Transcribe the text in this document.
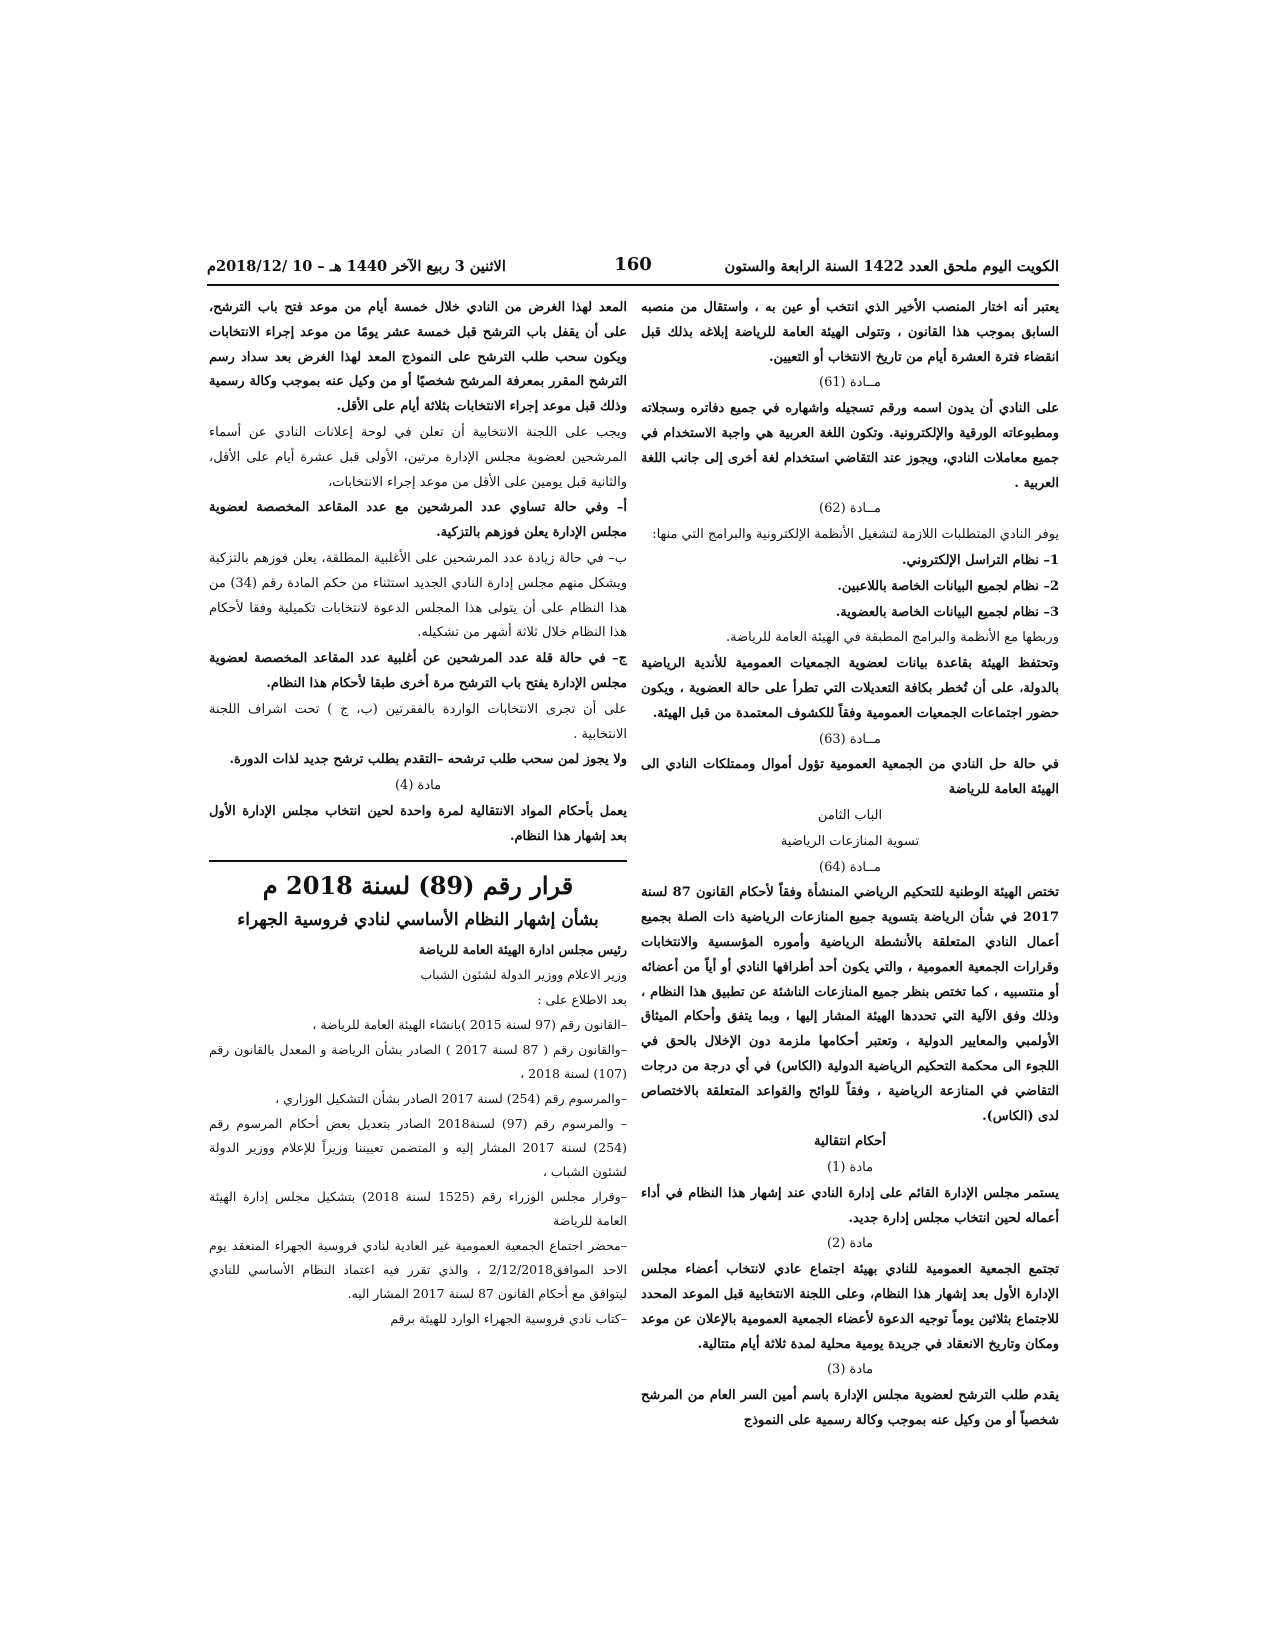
الكويت اليوم ملحق العدد 1422 السنة الرابعة والستون
160
الاثنين 3 ربيع الآخر 1440 هـ – 10 /2018/12م

يعتبر أنه اختار المنصب الأخير الذي انتخب أو عين به ، واستقال من منصبه السابق بموجب هذا القانون ، وتتولى الهيئة العامة للرياضة إبلاغه بذلك قبل انقضاء فترة العشرة أيام من تاريخ الانتخاب أو التعيين.

مــادة (61)

على النادي أن يدون اسمه ورقم تسجيله واشهاره في جميع دفاتره وسجلاته ومطبوعاته الورقية والإلكترونية. وتكون اللغة العربية هي واجبة الاستخدام في جميع معاملات النادي، ويجوز عند التقاضي استخدام لغة أخرى إلى جانب اللغة العربية .

مــادة (62)

يوفر النادي المتطلبات اللازمة لتشغيل الأنظمة الإلكترونية والبرامج التي منها:

1– نظام التراسل الإلكتروني.

2– نظام لجميع البيانات الخاصة باللاعبين.

3– نظام لجميع البيانات الخاصة بالعضوية.

وربطها مع الأنظمة والبرامج المطبقة في الهيئة العامة للرياضة.

وتحتفظ الهيئة بقاعدة بيانات لعضوية الجمعيات العمومية للأندية الرياضية بالدولة، على أن تُخطر بكافة التعديلات التي تطرأ على حالة العضوية ، ويكون حضور اجتماعات الجمعيات العمومية وفقاً للكشوف المعتمدة من قبل الهيئة.

مــادة (63)

في حالة حل النادي من الجمعية العمومية تؤول أموال وممتلكات النادي الى الهيئة العامة للرياضة

الباب الثامن

تسوية المنازعات الرياضية

مــادة (64)

تختص الهيئة الوطنية للتحكيم الرياضي المنشأة وفقاً لأحكام القانون 87 لسنة 2017 في شأن الرياضة بتسوية جميع المنازعات الرياضية ذات الصلة بجميع أعمال النادي المتعلقة بالأنشطة الرياضية وأموره المؤسسية والانتخابات وقرارات الجمعية العمومية ، والتي يكون أحد أطرافها النادي أو أياً من أعضائه أو منتسبيه ، كما تختص بنظر جميع المنازعات الناشئة عن تطبيق هذا النظام ، وذلك وفق الآلية التي تحددها الهيئة المشار إليها ، وبما يتفق وأحكام الميثاق الأولمبي والمعايير الدولية ، وتعتبر أحكامها ملزمة دون الإخلال بالحق في اللجوء الى محكمة التحكيم الرياضية الدولية (الكاس) في أي درجة من درجات التقاضي في المنازعة الرياضية ، وفقاً للوائح والقواعد المتعلقة بالاختصاص لدى (الكاس).

أحكام انتقالية

مادة (1)

يستمر مجلس الإدارة القائم على إدارة النادي عند إشهار هذا النظام في أداء أعماله لحين انتخاب مجلس إدارة جديد.

مادة (2)

تجتمع الجمعية العمومية للنادي بهيئة اجتماع عادي لانتخاب أعضاء مجلس الإدارة الأول بعد إشهار هذا النظام، وعلى اللجنة الانتخابية قبل الموعد المحدد للاجتماع بثلاثين يوماً توجيه الدعوة لأعضاء الجمعية العمومية بالإعلان عن موعد ومكان وتاريخ الانعقاد في جريدة يومية محلية لمدة ثلاثة أيام متتالية.

مادة (3)

يقدم طلب الترشح لعضوية مجلس الإدارة باسم أمين السر العام من المرشح شخصياً أو من وكيل عنه بموجب وكالة رسمية على النموذج

المعد لهذا الغرض من النادي خلال خمسة أيام من موعد فتح باب الترشح، على أن يقفل باب الترشح قبل خمسة عشر يومًا من موعد إجراء الانتخابات ويكون سحب طلب الترشح على النموذج المعد لهذا الغرض بعد سداد رسم الترشح المقرر بمعرفة المرشح شخصيًا أو من وكيل عنه بموجب وكالة رسمية وذلك قبل موعد إجراء الانتخابات بثلاثة أيام على الأقل.

ويجب على اللجنة الانتخابية أن تعلن في لوحة إعلانات النادي عن أسماء المرشحين لعضوية مجلس الإدارة مرتين، الأولى قبل عشرة أيام على الأقل، والثانية قبل يومين على الأقل من موعد إجراء الانتخابات،

أ– وفي حالة تساوي عدد المرشحين مع عدد المقاعد المخصصة لعضوية مجلس الإدارة يعلن فوزهم بالتزكية.

ب– في حالة زيادة عدد المرشحين على الأغلبية المطلقة، يعلن فوزهم بالتزكية ويشكل منهم مجلس إدارة النادي الجديد استثناء من حكم المادة رقم (34) من هذا النظام على أن يتولى هذا المجلس الدعوة لانتخابات تكميلية وفقا لأحكام هذا النظام خلال ثلاثة أشهر من تشكيله.

ج– في حالة قلة عدد المرشحين عن أغلبية عدد المقاعد المخصصة لعضوية مجلس الإدارة يفتح باب الترشح مرة أخرى طبقا لأحكام هذا النظام.

على أن تجرى الانتخابات الواردة بالفقرتين (ب، ج ) تحت اشراف اللجنة الانتخابية .

ولا يجوز لمن سحب طلب ترشحه –التقدم بطلب ترشح جديد لذات الدورة.

مادة (4)

يعمل بأحكام المواد الانتقالية لمرة واحدة لحين انتخاب مجلس الإدارة الأول بعد إشهار هذا النظام.

قرار رقم (89) لسنة 2018 م
بشأن إشهار النظام الأساسي لنادي فروسية الجهراء

رئيس مجلس ادارة الهيئة العامة للرياضة

وزير الاعلام ووزير الدولة لشئون الشباب

بعد الاطلاع على :

–القانون رقم (97 لسنة 2015 )بانشاء الهيئة العامة للرياضة ،

–والقانون رقم ( 87 لسنة 2017 ) الصادر بشأن الرياضة و المعدل بالقانون رقم (107) لسنة 2018 ،

–والمرسوم رقم (254) لسنة 2017 الصادر بشأن التشكيل الوزاري ،

– والمرسوم رقم (97) لسنة2018 الصادر بتعديل بعض أحكام المرسوم رقم (254) لسنة 2017 المشار إليه و المتضمن تعييننا وزيراً للإعلام ووزير الدولة لشئون الشباب ،

–وقرار مجلس الوزراء رقم (1525 لسنة 2018) بتشكيل مجلس إدارة الهيئة العامة للرياضة

–محضر اجتماع الجمعية العمومية غير العادية لنادي فروسية الجهراء المنعقد يوم الاحد الموافق2/12/2018 ، والذي تقرر فيه اعتماد النظام الأساسي للنادي ليتوافق مع أحكام القانون 87 لسنة 2017 المشار اليه.

–كتاب نادي فروسية الجهراء الوارد للهيئة برقم
